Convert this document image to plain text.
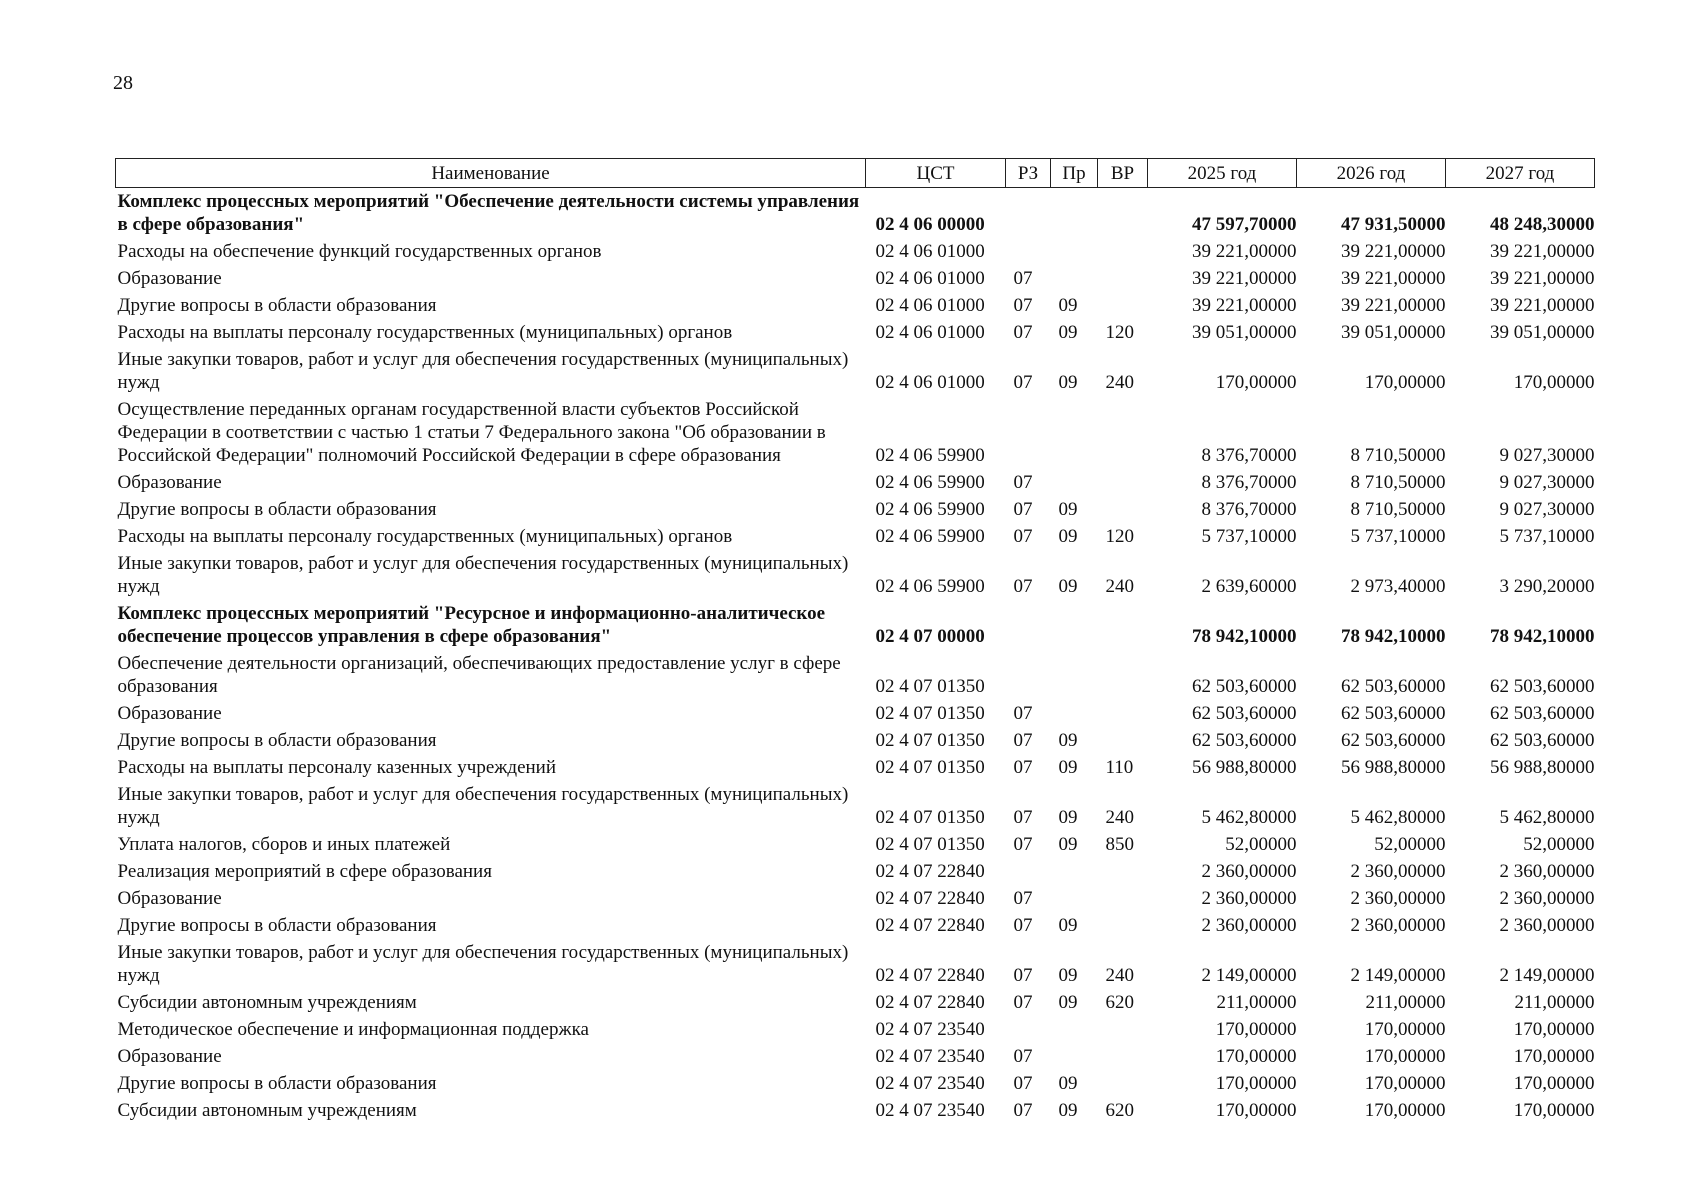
28
Наименование	ЦСТ	РЗ	Пр	ВР	2025 год	2026 год	2027 год
Комплекс процессных мероприятий "Обеспечение деятельности системы управления в сфере образования"	02 4 06 00000				47 597,70000	47 931,50000	48 248,30000
Расходы на обеспечение функций государственных органов	02 4 06 01000				39 221,00000	39 221,00000	39 221,00000
Образование	02 4 06 01000	07			39 221,00000	39 221,00000	39 221,00000
Другие вопросы в области образования	02 4 06 01000	07	09		39 221,00000	39 221,00000	39 221,00000
Расходы на выплаты персоналу государственных (муниципальных) органов	02 4 06 01000	07	09	120	39 051,00000	39 051,00000	39 051,00000
Иные закупки товаров, работ и услуг для обеспечения государственных (муниципальных) нужд	02 4 06 01000	07	09	240	170,00000	170,00000	170,00000
Осуществление переданных органам государственной власти субъектов Российской Федерации в соответствии с частью 1 статьи 7 Федерального закона "Об образовании в Российской Федерации" полномочий Российской Федерации в сфере образования	02 4 06 59900				8 376,70000	8 710,50000	9 027,30000
Образование	02 4 06 59900	07			8 376,70000	8 710,50000	9 027,30000
Другие вопросы в области образования	02 4 06 59900	07	09		8 376,70000	8 710,50000	9 027,30000
Расходы на выплаты персоналу государственных (муниципальных) органов	02 4 06 59900	07	09	120	5 737,10000	5 737,10000	5 737,10000
Иные закупки товаров, работ и услуг для обеспечения государственных (муниципальных) нужд	02 4 06 59900	07	09	240	2 639,60000	2 973,40000	3 290,20000
Комплекс процессных мероприятий "Ресурсное и информационно-аналитическое обеспечение процессов управления в сфере образования"	02 4 07 00000				78 942,10000	78 942,10000	78 942,10000
Обеспечение деятельности организаций, обеспечивающих предоставление услуг в сфере образования	02 4 07 01350				62 503,60000	62 503,60000	62 503,60000
Образование	02 4 07 01350	07			62 503,60000	62 503,60000	62 503,60000
Другие вопросы в области образования	02 4 07 01350	07	09		62 503,60000	62 503,60000	62 503,60000
Расходы на выплаты персоналу казенных учреждений	02 4 07 01350	07	09	110	56 988,80000	56 988,80000	56 988,80000
Иные закупки товаров, работ и услуг для обеспечения государственных (муниципальных) нужд	02 4 07 01350	07	09	240	5 462,80000	5 462,80000	5 462,80000
Уплата налогов, сборов и иных платежей	02 4 07 01350	07	09	850	52,00000	52,00000	52,00000
Реализация мероприятий в сфере образования	02 4 07 22840				2 360,00000	2 360,00000	2 360,00000
Образование	02 4 07 22840	07			2 360,00000	2 360,00000	2 360,00000
Другие вопросы в области образования	02 4 07 22840	07	09		2 360,00000	2 360,00000	2 360,00000
Иные закупки товаров, работ и услуг для обеспечения государственных (муниципальных) нужд	02 4 07 22840	07	09	240	2 149,00000	2 149,00000	2 149,00000
Субсидии автономным учреждениям	02 4 07 22840	07	09	620	211,00000	211,00000	211,00000
Методическое обеспечение и информационная поддержка	02 4 07 23540				170,00000	170,00000	170,00000
Образование	02 4 07 23540	07			170,00000	170,00000	170,00000
Другие вопросы в области образования	02 4 07 23540	07	09		170,00000	170,00000	170,00000
Субсидии автономным учреждениям	02 4 07 23540	07	09	620	170,00000	170,00000	170,00000
